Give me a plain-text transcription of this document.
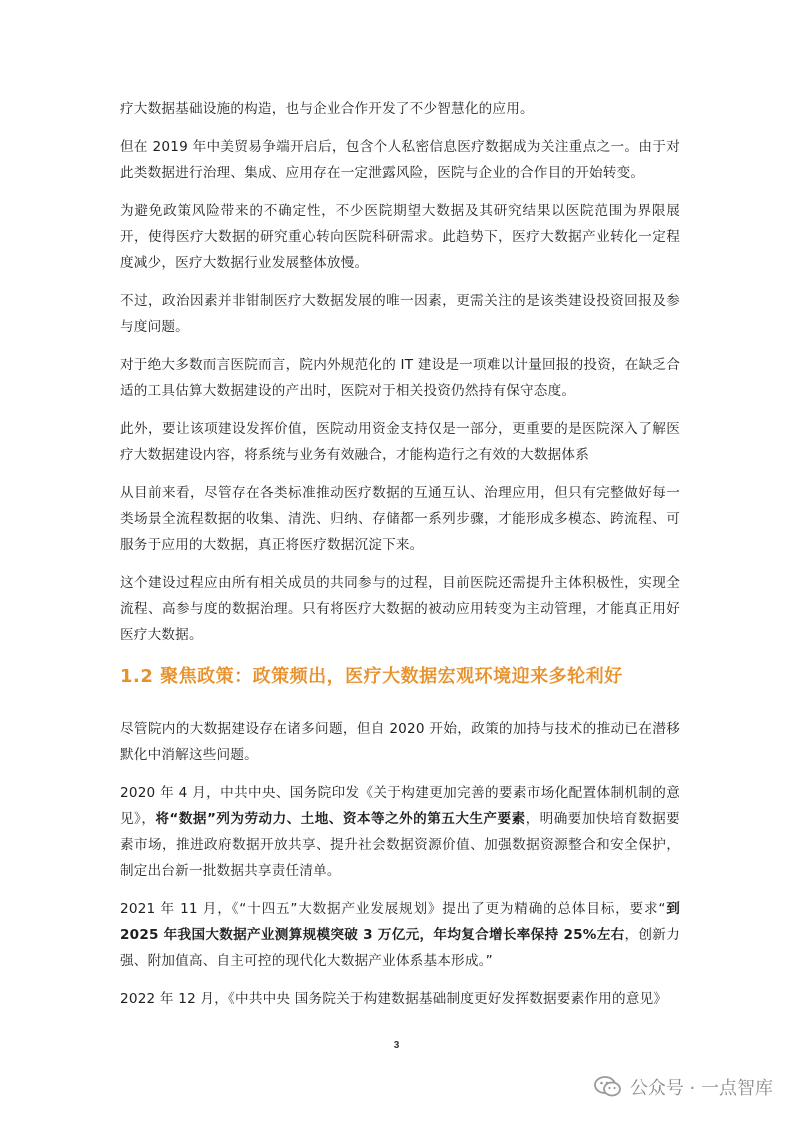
疗大数据基础设施的构造，也与企业合作开发了不少智慧化的应用。

但在 2019 年中美贸易争端开启后，包含个人私密信息医疗数据成为关注重点之一。由于对此类数据进行治理、集成、应用存在一定泄露风险，医院与企业的合作目的开始转变。

为避免政策风险带来的不确定性，不少医院期望大数据及其研究结果以医院范围为界限展开，使得医疗大数据的研究重心转向医院科研需求。此趋势下，医疗大数据产业转化一定程度减少，医疗大数据行业发展整体放慢。

不过，政治因素并非钳制医疗大数据发展的唯一因素，更需关注的是该类建设投资回报及参与度问题。

对于绝大多数而言医院而言，院内外规范化的 IT 建设是一项难以计量回报的投资，在缺乏合适的工具估算大数据建设的产出时，医院对于相关投资仍然持有保守态度。

此外，要让该项建设发挥价值，医院动用资金支持仅是一部分，更重要的是医院深入了解医疗大数据建设内容，将系统与业务有效融合，才能构造行之有效的大数据体系

从目前来看，尽管存在各类标准推动医疗数据的互通互认、治理应用，但只有完整做好每一类场景全流程数据的收集、清洗、归纳、存储都一系列步骤，才能形成多模态、跨流程、可服务于应用的大数据，真正将医疗数据沉淀下来。

这个建设过程应由所有相关成员的共同参与的过程，目前医院还需提升主体积极性，实现全流程、高参与度的数据治理。只有将医疗大数据的被动应用转变为主动管理，才能真正用好医疗大数据。

1.2 聚焦政策：政策频出，医疗大数据宏观环境迎来多轮利好

尽管院内的大数据建设存在诸多问题，但自 2020 开始，政策的加持与技术的推动已在潜移默化中消解这些问题。

2020 年 4 月，中共中央、国务院印发《关于构建更加完善的要素市场化配置体制机制的意见》，将“数据”列为劳动力、土地、资本等之外的第五大生产要素，明确要加快培育数据要素市场，推进政府数据开放共享、提升社会数据资源价值、加强数据资源整合和安全保护，制定出台新一批数据共享责任清单。

2021 年 11 月，《“十四五”大数据产业发展规划》提出了更为精确的总体目标，要求“到 2025 年我国大数据产业测算规模突破 3 万亿元，年均复合增长率保持 25%左右，创新力强、附加值高、自主可控的现代化大数据产业体系基本形成。”

2022 年 12 月，《中共中央 国务院关于构建数据基础制度更好发挥数据要素作用的意见》

3
公众号 · 一点智库
